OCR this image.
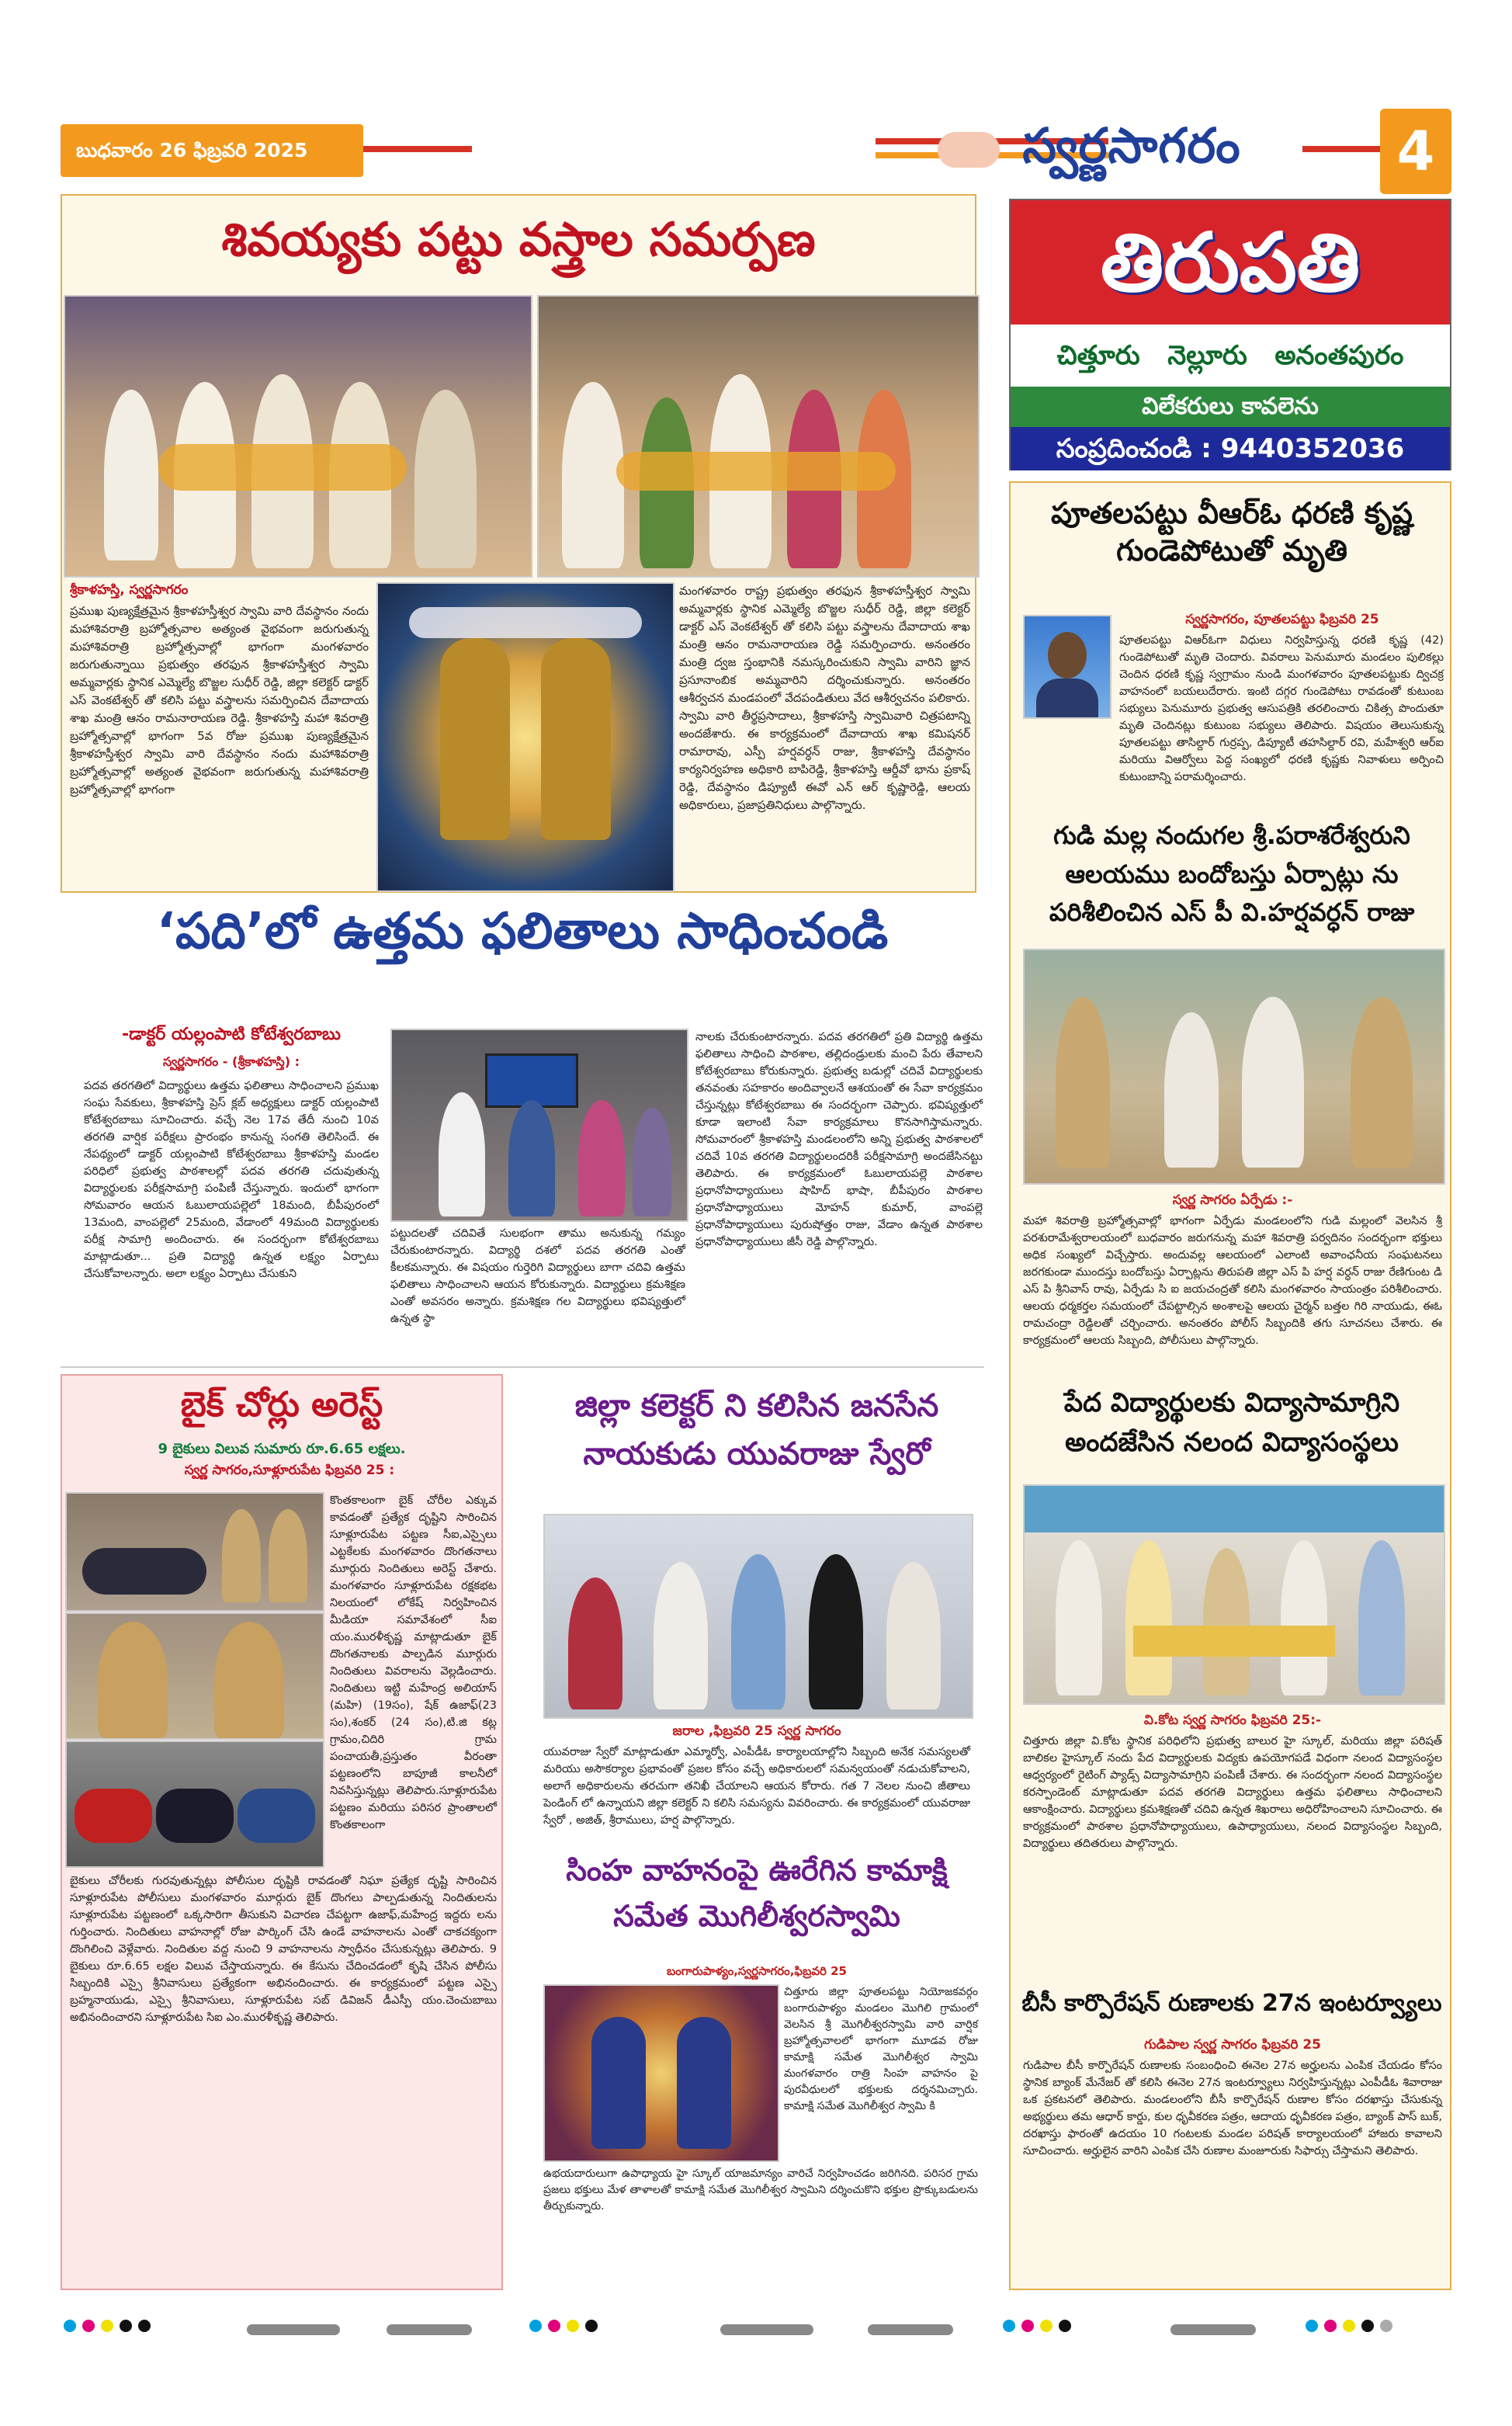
బుధవారం 26 ఫిబ్రవరి 2025	స్వర్ణసాగరం	4
శివయ్యకు పట్టు వస్త్రాల సమర్పణ
శ్రీకాళహస్తి, స్వర్ణసాగరం

ప్రముఖ పుణ్యక్షేత్రమైన శ్రీకాళహస్తీశ్వర స్వామి వారి దేవస్థానం నందు మహాశివరాత్రి బ్రహ్మోత్సవాల అత్యంత వైభవంగా జరుగుతున్న మహాశివరాత్రి బ్రహ్మోత్సవాల్లో భాగంగా మంగళవారం జరుగుతున్నాయి ప్రభుత్వం తరఫున శ్రీకాళహస్తీశ్వర స్వామి అమ్మవార్లకు స్థానిక ఎమ్మెల్యే బొజ్జల సుధీర్ రెడ్డి, జిల్లా కలెక్టర్ డాక్టర్ ఎస్ వెంకటేశ్వర్ తో కలిసి పట్టు వస్త్రాలను సమర్పించిన దేవాదాయ శాఖ మంత్రి ఆనం రామనారాయణ రెడ్డి. శ్రీకాళహస్తి మహా శివరాత్రి బ్రహ్మోత్సవాల్లో భాగంగా 5వ రోజు ప్రముఖ పుణ్యక్షేత్రమైన శ్రీకాళహస్తీశ్వర స్వామి వారి దేవస్థానం నందు మహాశివరాత్రి బ్రహ్మోత్సవాల్లో అత్యంత వైభవంగా జరుగుతున్న మహాశివరాత్రి బ్రహ్మోత్సవాల్లో భాగంగా

మంగళవారం రాష్ట్ర ప్రభుత్వం తరఫున శ్రీకాళహస్తీశ్వర స్వామి అమ్మవార్లకు స్థానిక ఎమ్మెల్యే బొజ్జల సుధీర్ రెడ్డి, జిల్లా కలెక్టర్ డాక్టర్ ఎస్ వెంకటేశ్వర్ తో కలిసి పట్టు వస్త్రాలను దేవాదాయ శాఖ మంత్రి ఆనం రామనారాయణ రెడ్డి సమర్పించారు. అనంతరం మంత్రి ద్వజ స్తంభానికి నమస్కరించుకుని స్వామి వారిని జ్ఞాన ప్రసూనాంబిక అమ్మవారిని దర్శించుకున్నారు. అనంతరం ఆశీర్వచన మండపంలో వేదపండితులు వేద ఆశీర్వచనం పలికారు. స్వామి వారి తీర్థప్రసాదాలు, శ్రీకాళహస్తి స్వామివారి చిత్రపటాన్ని అందజేశారు. ఈ కార్యక్రమంలో దేవాదాయ శాఖ కమిషనర్ రామారావు, ఎస్పీ హర్షవర్ధన్ రాజు, శ్రీకాళహస్తి దేవస్థానం కార్యనిర్వహణ అధికారి బాపిరెడ్డి, శ్రీకాళహస్తి ఆర్డీవో భాను ప్రకాష్ రెడ్డి, దేవస్థానం డిప్యూటీ ఈవో ఎన్ ఆర్ కృష్ణారెడ్డి, ఆలయ అధికారులు, ప్రజాప్రతినిధులు పాల్గొన్నారు.

తిరుపతి
చిత్తూరు   నెల్లూరు   అనంతపురం
విలేకరులు కావలెను
సంప్రదించండి : 9440352036
పూతలపట్టు వీఆర్ఓ ధరణి కృష్ణ గుండెపోటుతో మృతి
స్వర్ణసాగరం, పూతలపట్టు ఫిబ్రవరి 25

పూతలపట్టు విఆర్ఓగా విధులు నిర్వహిస్తున్న ధరణి కృష్ణ (42) గుండెపోటుతో మృతి చెందారు. వివరాలు పెనుమూరు మండలం పులికల్లు చెందిన ధరణి కృష్ణ స్వగ్రామం నుండి మంగళవారం పూతలపట్టుకు ద్విచక్ర వాహనంలో బయలుదేరారు. ఇంటి దగ్గర గుండెపోటు రావడంతో కుటుంబ సభ్యులు పెనుమూరు ప్రభుత్వ ఆసుపత్రికి తరలించారు చికిత్స పొందుతూ మృతి చెందినట్లు కుటుంబ సభ్యులు తెలిపారు. విషయం తెలుసుకున్న పూతలపట్టు తాసిల్దార్ గుర్రప్ప, డిప్యూటీ తహసిల్దార్ రవి, మహేశ్వరి ఆర్ఐ మరియు విఆర్వోలు పెద్ద సంఖ్యలో ధరణి కృష్ణకు నివాళులు అర్పించి కుటుంబాన్ని పరామర్శించారు.

గుడి మల్ల నందుగల శ్రీ.పరాశరేశ్వరుని ఆలయము బందోబస్తు ఏర్పాట్లు ను పరిశీలించిన ఎస్ పీ వి.హర్షవర్ధన్ రాజు
స్వర్ణ సాగరం ఏర్పేడు :-

మహా శివరాత్రి బ్రహ్మోత్సవాల్లో భాగంగా ఏర్పేడు మండలంలోని గుడి మల్లంలో వెలసిన శ్రీ పరశురామేశ్వరాలయంలో బుధవారం జరుగనున్న మహా శివరాత్రి పర్వదినం సందర్భంగా భక్తులు అధిక సంఖ్యలో విచ్చేస్తారు. అందువల్ల ఆలయంలో ఎలాంటి అవాంఛనీయ సంఘటనలు జరగకుండా ముందస్తు బందోబస్తు ఏర్పాట్లను తిరుపతి జిల్లా ఎస్ పి హర్ష వర్ధన్ రాజు రేణిగుంట డి ఎస్ పి శ్రీనివాస్ రావు, ఏర్పేడు సి ఐ జయచంద్రతో కలిసి మంగళవారం సాయంత్రం పరిశీలించారు. ఆలయ ధర్మకర్తల సమయంలో చేపట్టాల్సిన అంశాలపై ఆలయ చైర్మన్ బత్తల గిరి నాయుడు, ఈఓ రామచంద్రా రెడ్డిలతో చర్చించారు. అనంతరం పోలీస్ సిబ్బందికి తగు సూచనలు చేశారు. ఈ కార్యక్రమంలో ఆలయ సిబ్బంది, పోలీసులు పాల్గొన్నారు.

పేద విద్యార్థులకు విద్యాసామాగ్రిని అందజేసిన నలంద విద్యాసంస్థలు
వి.కోట స్వర్ణ సాగరం ఫిబ్రవరి 25:-

చిత్తూరు జిల్లా వి.కోట స్థానిక పరిధిలోని ప్రభుత్వ బాలుర హై స్కూల్, మరియు జిల్లా పరిషత్ బాలికల హైస్కూల్ నందు పేద విద్యార్థులకు విద్యకు ఉపయోగపడే విధంగా నలంద విద్యాసంస్థల ఆధ్వర్యంలో రైటింగ్ ప్యాడ్స్ విద్యాసామాగ్రిని పంపిణీ చేశారు. ఈ సందర్భంగా నలంద విద్యాసంస్థల కరస్పాండెంట్ మాట్లాడుతూ పదవ తరగతి విద్యార్థులు ఉత్తమ ఫలితాలు సాధించాలని ఆకాంక్షించారు. విద్యార్థులు క్రమశిక్షణతో చదివి ఉన్నత శిఖరాలు అధిరోహించాలని సూచించారు. ఈ కార్యక్రమంలో పాఠశాల ప్రధానోపాధ్యాయులు, ఉపాధ్యాయులు, నలంద విద్యాసంస్థల సిబ్బంది, విద్యార్థులు తదితరులు పాల్గొన్నారు.

బీసీ కార్పొరేషన్ రుణాలకు 27న ఇంటర్వ్యూలు
గుడిపాల స్వర్ణ సాగరం ఫిబ్రవరి 25

గుడిపాల బీసీ కార్పొరేషన్ రుణాలకు సంబంధించి ఈనెల 27న అర్హులను ఎంపిక చేయడం కోసం స్థానిక బ్యాంక్ మేనేజర్ తో కలిసి ఈనెల 27న ఇంటర్వ్యూలు నిర్వహిస్తున్నట్లు ఎంపీడీఓ శివారాజు ఒక ప్రకటనలో తెలిపారు. మండలంలోని బీసీ కార్పొరేషన్ రుణాల కోసం దరఖాస్తు చేసుకున్న అభ్యర్థులు తమ ఆధార్ కార్డు, కుల ధృవీకరణ పత్రం, ఆదాయ ధృవీకరణ పత్రం, బ్యాంక్ పాస్ బుక్, దరఖాస్తు ఫారంతో ఉదయం 10 గంటలకు మండల పరిషత్ కార్యాలయంలో హాజరు కావాలని సూచించారు. అర్హులైన వారిని ఎంపిక చేసి రుణాల మంజూరుకు సిఫార్సు చేస్తామని తెలిపారు.

‘పది’లో ఉత్తమ ఫలితాలు సాధించండి
-డాక్టర్ యల్లంపాటి కోటేశ్వరబాబు
స్వర్ణసాగరం - (శ్రీకాళహస్తి) :

పదవ తరగతిలో విద్యార్థులు ఉత్తమ ఫలితాలు సాధించాలని ప్రముఖ సంఘ సేవకులు, శ్రీకాళహస్తి ప్రెస్ క్లబ్ అధ్యక్షులు డాక్టర్ యల్లంపాటి కోటేశ్వరబాబు సూచించారు. వచ్చే నెల 17వ తేదీ నుంచి 10వ తరగతి వార్షిక పరీక్షలు ప్రారంభం కానున్న సంగతి తెలిసిందే. ఈ నేపథ్యంలో డాక్టర్ యల్లంపాటి కోటేశ్వరబాబు శ్రీకాళహస్తి మండల పరిధిలో ప్రభుత్వ పాఠశాలల్లో పదవ తరగతి చదువుతున్న విద్యార్థులకు పరీక్షసామాగ్రి పంపిణీ చేస్తున్నారు. ఇందులో భాగంగా సోమవారం ఆయన ఓబులాయపల్లెలో 18మంది, బీపీపురంలో 13మంది, వాంపల్లెలో 25మంది, వేడాంలో 49మంది విద్యార్థులకు పరీక్ష సామాగ్రి అందించారు. ఈ సందర్భంగా కోటేశ్వరబాబు మాట్లాడుతూ... ప్రతి విద్యార్థి ఉన్నత లక్ష్యం ఏర్పాటు చేసుకోవాలన్నారు. అలా లక్ష్యం ఏర్పాటు చేసుకుని

పట్టుదలతో చదివితే సులభంగా తాము అనుకున్న గమ్యం చేరుకుంటారన్నారు. విద్యార్థి దశలో పదవ తరగతి ఎంతో కీలకమన్నారు. ఈ విషయం గుర్తెరిగి విద్యార్థులు బాగా చదివి ఉత్తమ ఫలితాలు సాధించాలని ఆయన కోరుకున్నారు. విద్యార్థులు క్రమశిక్షణ ఎంతో అవసరం అన్నారు. క్రమశిక్షణ గల విద్యార్థులు భవిష్యత్తులో ఉన్నత స్థా

నాలకు చేరుకుంటారన్నారు. పదవ తరగతిలో ప్రతి విద్యార్థి ఉత్తమ ఫలితాలు సాధించి పాఠశాల, తల్లిదండ్రులకు మంచి పేరు తేవాలని కోటేశ్వరబాబు కోరుకున్నారు. ప్రభుత్వ బడుల్లో చదివే విద్యార్థులకు తనవంతు సహకారం అందివ్వాలనే ఆశయంతో ఈ సేవా కార్యక్రమం చేస్తున్నట్లు కోటేశ్వరబాబు ఈ సందర్భంగా చెప్పారు. భవిష్యత్తులో కూడా ఇలాంటి సేవా కార్యక్రమాలు కొనసాగిస్తామన్నారు. సోమవారంలో శ్రీకాళహస్తి మండలంలోని అన్ని ప్రభుత్వ పాఠశాలలో చదివే 10వ తరగతి విద్యార్థులందరికీ పరీక్షసామాగ్రి అందజేసినట్టు తెలిపారు. ఈ కార్యక్రమంలో ఓబులాయపల్లె పాఠశాల ప్రధానోపాధ్యాయులు షాహిద్ భాషా, బీపీపురం పాఠశాల ప్రధానోపాధ్యాయులు మోహన్ కుమార్, వాంపల్లె ప్రధానోపాధ్యాయులు పురుషోత్తం రాజు, వేడాం ఉన్నత పాఠశాల ప్రధానోపాధ్యాయులు జీసీ రెడ్డి పాల్గొన్నారు.

బైక్ చోర్లు అరెస్ట్
9 బైకులు విలువ సుమారు రూ.6.65 లక్షలు.
స్వర్ణ సాగరం,సూళ్లూరుపేట ఫిబ్రవరి 25 :

కొంతకాలంగా బైక్ చోరీల ఎక్కువ కావడంతో ప్రత్యేక దృష్టిని సారించిన సూళ్లూరుపేట పట్టణ సీఐ,ఎస్సైలు ఎట్టకేలకు మంగళవారం దొంగతనాలు మూర్గురు నిందితులు అరెస్ట్ చేశారు. మంగళవారం సూళ్లూరుపేట రక్షకభట నిలయంలో లోకేష్ నిర్వహించిన మీడియా సమావేశంలో సీఐ యం.మురళీకృష్ణ మాట్లాడుతూ బైక్ దొంగతనాలకు పాల్పడిన మూర్గురు నిందితులు వివరాలను వెల్లడించారు. నిందితులు ఇట్టి మహేంద్ర అలియాస్ (మహి) (19సం), షేక్ ఉజాఫ్(23 సం),శంకర్ (24 సం),టి.జి కట్ల గ్రామం,చిదిరి గ్రామ పంచాయతీ,ప్రస్తుతం వీరంతా పట్టణంలోని బాపూజీ కాలనీలో నివసిస్తున్నట్లు తెలిపారు.సూళ్లూరుపేట పట్టణం మరియు పరిసర ప్రాంతాలలో కొంతకాలంగా

బైకులు చోరీలకు గురవుతున్నట్లు పోలీసుల దృష్టికి రావడంతో నిఘా ప్రత్యేక దృష్టి సారించిన సూళ్లూరుపేట పోలీసులు మంగళవారం మూర్గురు బైక్ దొంగలు పాల్పడుతున్న నిందితులను సూళ్లూరుపేట పట్టణంలో ఒక్కసారిగా తీసుకుని విచారణ చేపట్టగా ఉజాఫ్,మహేంద్ర ఇద్దరు లను గుర్తించారు. నిందితులు వాహనాల్లో రోజు పార్కింగ్ చేసి ఉండే వాహనాలను ఎంతో చాకచక్యంగా దొంగిలించి వెళ్లేవారు. నిందితుల వద్ద నుంచి 9 వాహనాలను స్వాధీనం చేసుకున్నట్లు తెలిపారు. 9 బైకులు రూ.6.65 లక్షల విలువ చేస్తాయన్నారు. ఈ కేసును చేదించడంలో కృషి చేసిన పోలీసు సిబ్బందికి ఎస్సై శ్రీనివాసులు ప్రత్యేకంగా అభినందించారు. ఈ కార్యక్రమంలో పట్టణ ఎస్సై బ్రహ్మనాయుడు, ఎస్సై శ్రీనివాసులు, సూళ్లూరుపేట సబ్ డివిజన్ డీఎస్పీ యం.చెంచుబాబు అభినందించారని సూళ్లూరుపేట సిఐ ఎం.మురళీకృష్ణ తెలిపారు.

జిల్లా కలెక్టర్ ని కలిసిన జనసేన నాయకుడు యువరాజు స్వేరో
జరాల ,ఫిబ్రవరి 25 స్వర్ణ సాగరం

యువరాజు స్వేరో మాట్లాడుతూ ఎమ్మార్వో, ఎంపీడీఓ కార్యాలయాల్లోని సిబ్బంది అనేక సమస్యలతో మరియు అసౌకర్యాల ప్రభావంతో ప్రజల కోసం వచ్చే అధికారులలో సమన్వయంతో నడుచుకోవాలని, అలాగే అధికారులను తరచుగా తనిఖీ చేయాలని ఆయన కోరారు. గత 7 నెలల నుంచి జీతాలు పెండింగ్ లో ఉన్నాయని జిల్లా కలెక్టర్ ని కలిసి సమస్యను వివరించారు. ఈ కార్యక్రమంలో యువరాజు స్వేరో , అజిత్, శ్రీరాములు, హర్ష పాల్గొన్నారు.

సింహ వాహనంపై ఊరేగిన కామాక్షి సమేత మొగిలీశ్వరస్వామి
బంగారుపాళ్యం,స్వర్ణసాగరం,ఫిబ్రవరి 25

చిత్తూరు జిల్లా పూతలపట్టు నియోజకవర్గం బంగారుపాళ్యం మండలం మొగిలి గ్రామంలో వెలసిన శ్రీ మొగిలీశ్వరస్వామి వారి వార్షిక బ్రహ్మోత్సవాలలో భాగంగా మూడవ రోజు కామాక్షి సమేత మొగిలీశ్వర స్వామి మంగళవారం రాత్రి సింహ వాహనం పై పురవీధులలో భక్తులకు దర్శనమిచ్చారు. కామాక్షి సమేత మొగిలీశ్వర స్వామి కి

ఉభయదారులుగా ఉపాధ్యాయ హై స్కూల్ యాజమాన్యం వారిచే నిర్వహించడం జరిగినది. పరిసర గ్రామ ప్రజలు భక్తులు మేళ తాళాలతో కామాక్షి సమేత మొగిలీశ్వర స్వామిని దర్శించుకొని భక్తుల ప్రొక్కుబడులను తీర్చుకున్నారు.
